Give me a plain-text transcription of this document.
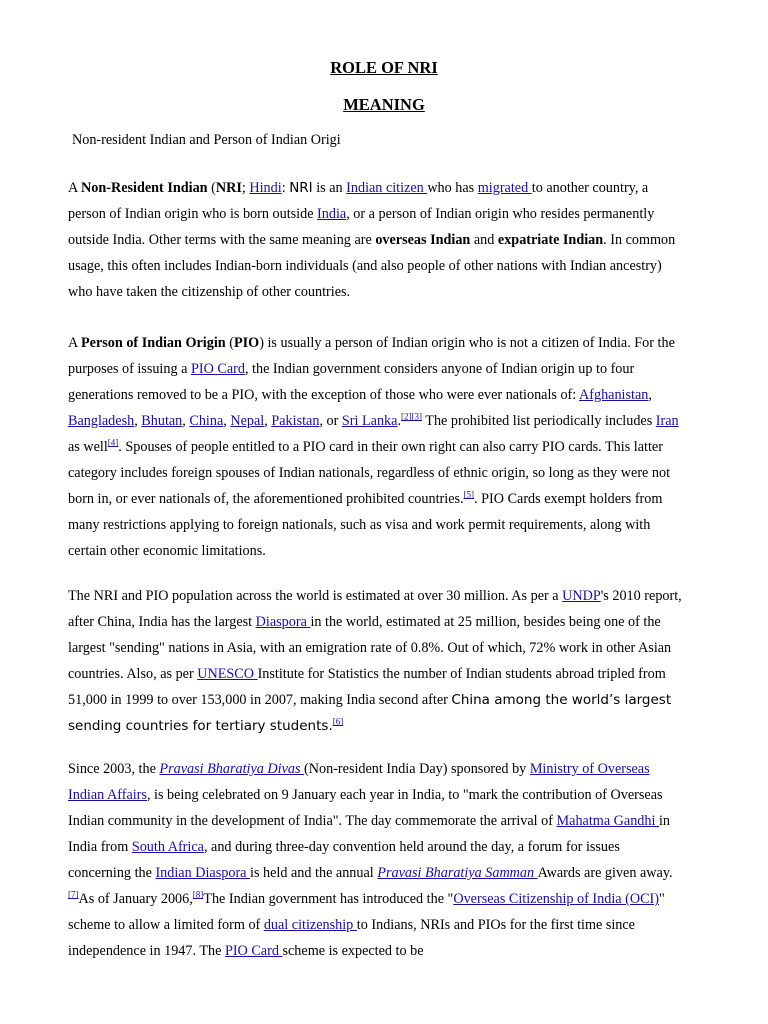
ROLE OF NRI
MEANING
Non-resident Indian and Person of Indian Origi

A Non-Resident Indian (NRI; Hindi: NRI is an Indian citizen who has migrated to another country, a person of Indian origin who is born outside India, or a person of Indian origin who resides permanently outside India. Other terms with the same meaning are overseas Indian and expatriate Indian. In common usage, this often includes Indian-born individuals (and also people of other nations with Indian ancestry) who have taken the citizenship of other countries.

A Person of Indian Origin (PIO) is usually a person of Indian origin who is not a citizen of India. For the purposes of issuing a PIO Card, the Indian government considers anyone of Indian origin up to four generations removed to be a PIO, with the exception of those who were ever nationals of: Afghanistan, Bangladesh, Bhutan, China, Nepal, Pakistan, or Sri Lanka.[2][3] The prohibited list periodically includes Iran as well[4]. Spouses of people entitled to a PIO card in their own right can also carry PIO cards. This latter category includes foreign spouses of Indian nationals, regardless of ethnic origin, so long as they were not born in, or ever nationals of, the aforementioned prohibited countries.[5]. PIO Cards exempt holders from many restrictions applying to foreign nationals, such as visa and work permit requirements, along with certain other economic limitations.

The NRI and PIO population across the world is estimated at over 30 million. As per a UNDP's 2010 report, after China, India has the largest Diaspora in the world, estimated at 25 million, besides being one of the largest "sending" nations in Asia, with an emigration rate of 0.8%. Out of which, 72% work in other Asian countries. Also, as per UNESCO Institute for Statistics the number of Indian students abroad tripled from 51,000 in 1999 to over 153,000 in 2007, making India second after China among the world’s largest sending countries for tertiary students.[6]

Since 2003, the Pravasi Bharatiya Divas (Non-resident India Day) sponsored by Ministry of Overseas Indian Affairs, is being celebrated on 9 January each year in India, to "mark the contribution of Overseas Indian community in the development of India". The day commemorate the arrival of Mahatma Gandhi in India from South Africa, and during three-day convention held around the day, a forum for issues concerning the Indian Diaspora is held and the annual Pravasi Bharatiya Samman Awards are given away.[7]As of January 2006,[8]The Indian government has introduced the "Overseas Citizenship of India (OCI)" scheme to allow a limited form of dual citizenship to Indians, NRIs and PIOs for the first time since independence in 1947. The PIO Card scheme is expected to be
